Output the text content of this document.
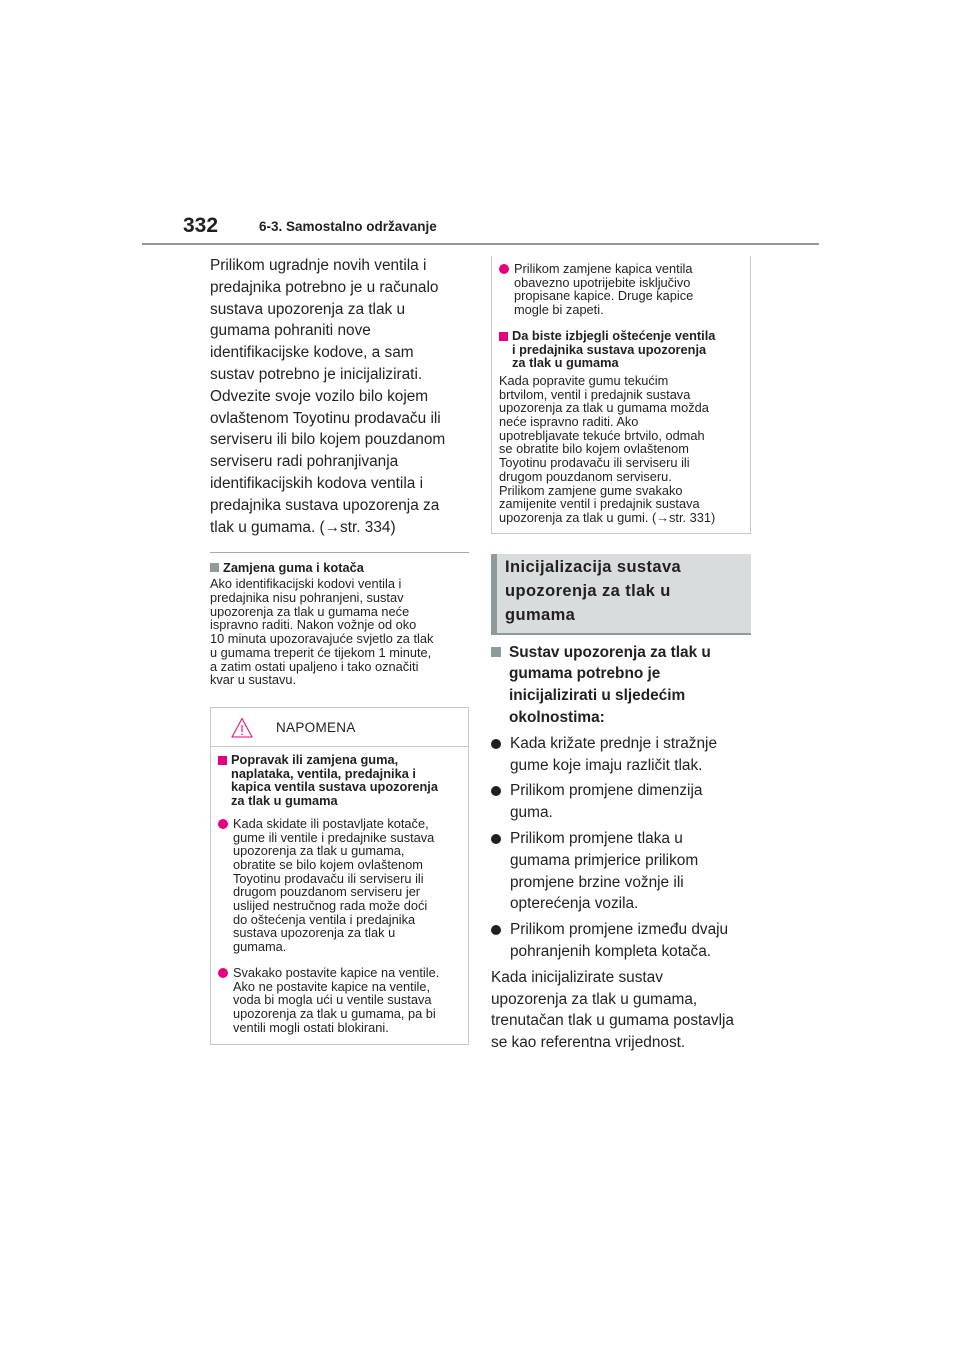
332	6-3. Samostalno održavanje

Prilikom ugradnje novih ventila i

predajnika potrebno je u računalo

sustava upozorenja za tlak u

gumama pohraniti nove

identifikacijske kodove, a sam

sustav potrebno je inicijalizirati.

Odvezite svoje vozilo bilo kojem

ovlaštenom Toyotinu prodavaču ili

serviseru ili bilo kojem pouzdanom

serviseru radi pohranjivanja

identifikacijskih kodova ventila i

predajnika sustava upozorenja za

tlak u gumama. (→str. 334)

Zamjena guma i kotača
Ako identifikacijski kodovi ventila i
predajnika nisu pohranjeni, sustav
upozorenja za tlak u gumama neće
ispravno raditi. Nakon vožnje od oko
10 minuta upozoravajuće svjetlo za tlak
u gumama treperit će tijekom 1 minute,
a zatim ostati upaljeno i tako označiti
kvar u sustavu.
NAPOMENA
Popravak ili zamjena guma,
naplataka, ventila, predajnika i
kapica ventila sustava upozorenja
za tlak u gumama
Kada skidate ili postavljate kotače,
gume ili ventile i predajnike sustava
upozorenja za tlak u gumama,
obratite se bilo kojem ovlaštenom
Toyotinu prodavaču ili serviseru ili
drugom pouzdanom serviseru jer
uslijed nestručnog rada može doći
do oštećenja ventila i predajnika
sustava upozorenja za tlak u
gumama.
Svakako postavite kapice na ventile.
Ako ne postavite kapice na ventile,
voda bi mogla ući u ventile sustava
upozorenja za tlak u gumama, pa bi
ventili mogli ostati blokirani.
Prilikom zamjene kapica ventila
obavezno upotrijebite isključivo
propisane kapice. Druge kapice
mogle bi zapeti.
Da biste izbjegli oštećenje ventila
i predajnika sustava upozorenja
za tlak u gumama
Kada popravite gumu tekućim
brtvilom, ventil i predajnik sustava
upozorenja za tlak u gumama možda
neće ispravno raditi. Ako
upotrebljavate tekuće brtvilo, odmah
se obratite bilo kojem ovlaštenom
Toyotinu prodavaču ili serviseru ili
drugom pouzdanom serviseru.
Prilikom zamjene gume svakako
zamijenite ventil i predajnik sustava
upozorenja za tlak u gumi. (→str. 331)
Inicijalizacija sustava
upozorenja za tlak u
gumama
Sustav upozorenja za tlak u
gumama potrebno je
inicijalizirati u sljedećim
okolnostima:
Kada križate prednje i stražnje
gume koje imaju različit tlak.
Prilikom promjene dimenzija
guma.
Prilikom promjene tlaka u
gumama primjerice prilikom
promjene brzine vožnje ili
opterećenja vozila.
Prilikom promjene između dvaju
pohranjenih kompleta kotača.

Kada inicijalizirate sustav

upozorenja za tlak u gumama,

trenutačan tlak u gumama postavlja

se kao referentna vrijednost.
